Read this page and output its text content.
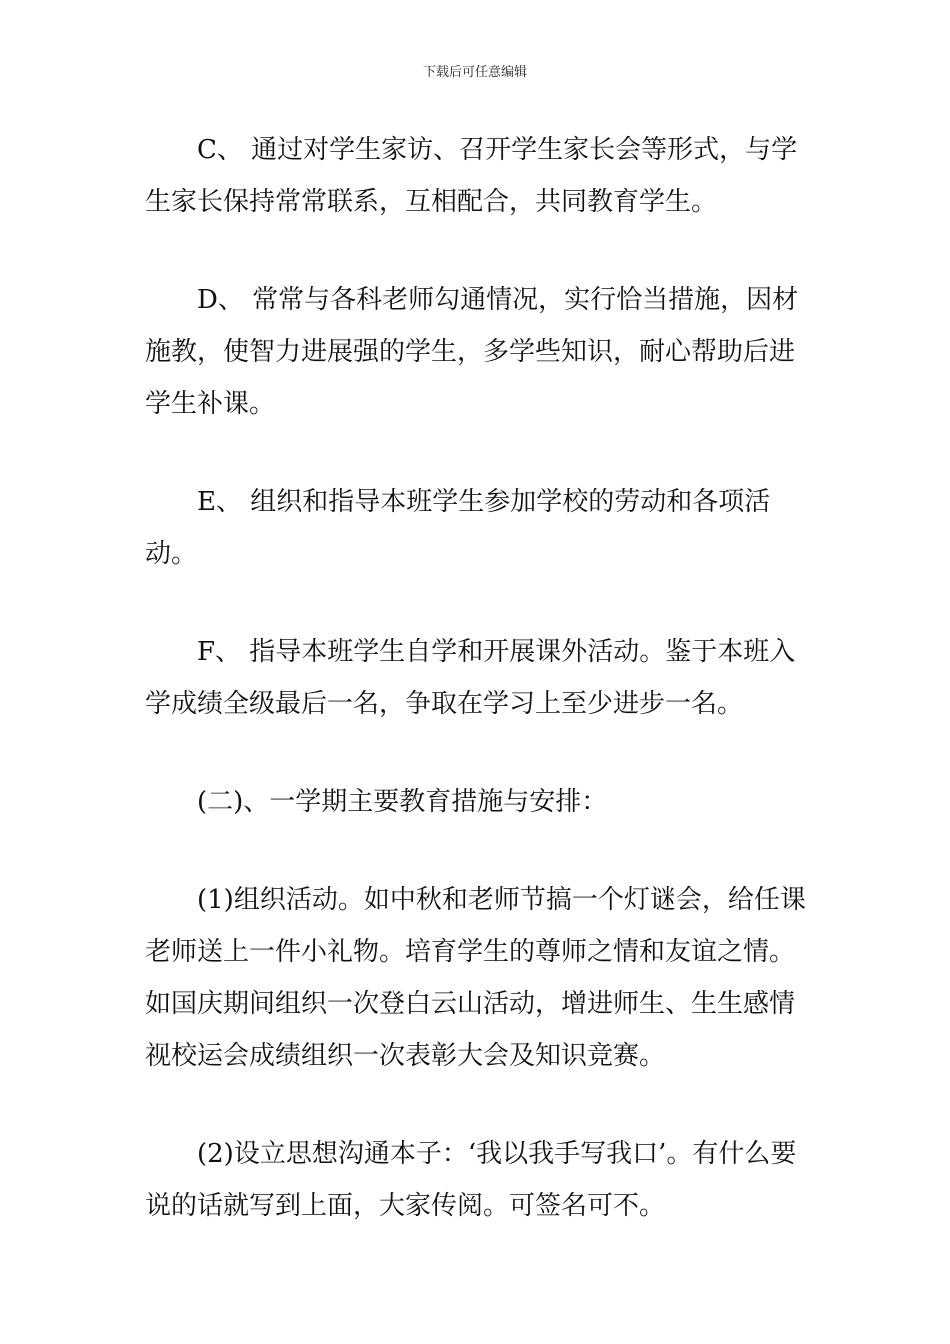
下载后可任意编辑

C、 通过对学生家访、召开学生家长会等形式，与学生家长保持常常联系，互相配合，共同教育学生。

D、 常常与各科老师勾通情况，实行恰当措施，因材施教，使智力进展强的学生，多学些知识，耐心帮助后进学生补课。

E、 组织和指导本班学生参加学校的劳动和各项活动。

F、 指导本班学生自学和开展课外活动。鉴于本班入学成绩全级最后一名，争取在学习上至少进步一名。

(二)、一学期主要教育措施与安排：

(1)组织活动。如中秋和老师节搞一个灯谜会，给任课老师送上一件小礼物。培育学生的尊师之情和友谊之情。如国庆期间组织一次登白云山活动，增进师生、生生感情视校运会成绩组织一次表彰大会及知识竞赛。

(2)设立思想沟通本子：‘我以我手写我口’。有什么要说的话就写到上面，大家传阅。可签名可不。
